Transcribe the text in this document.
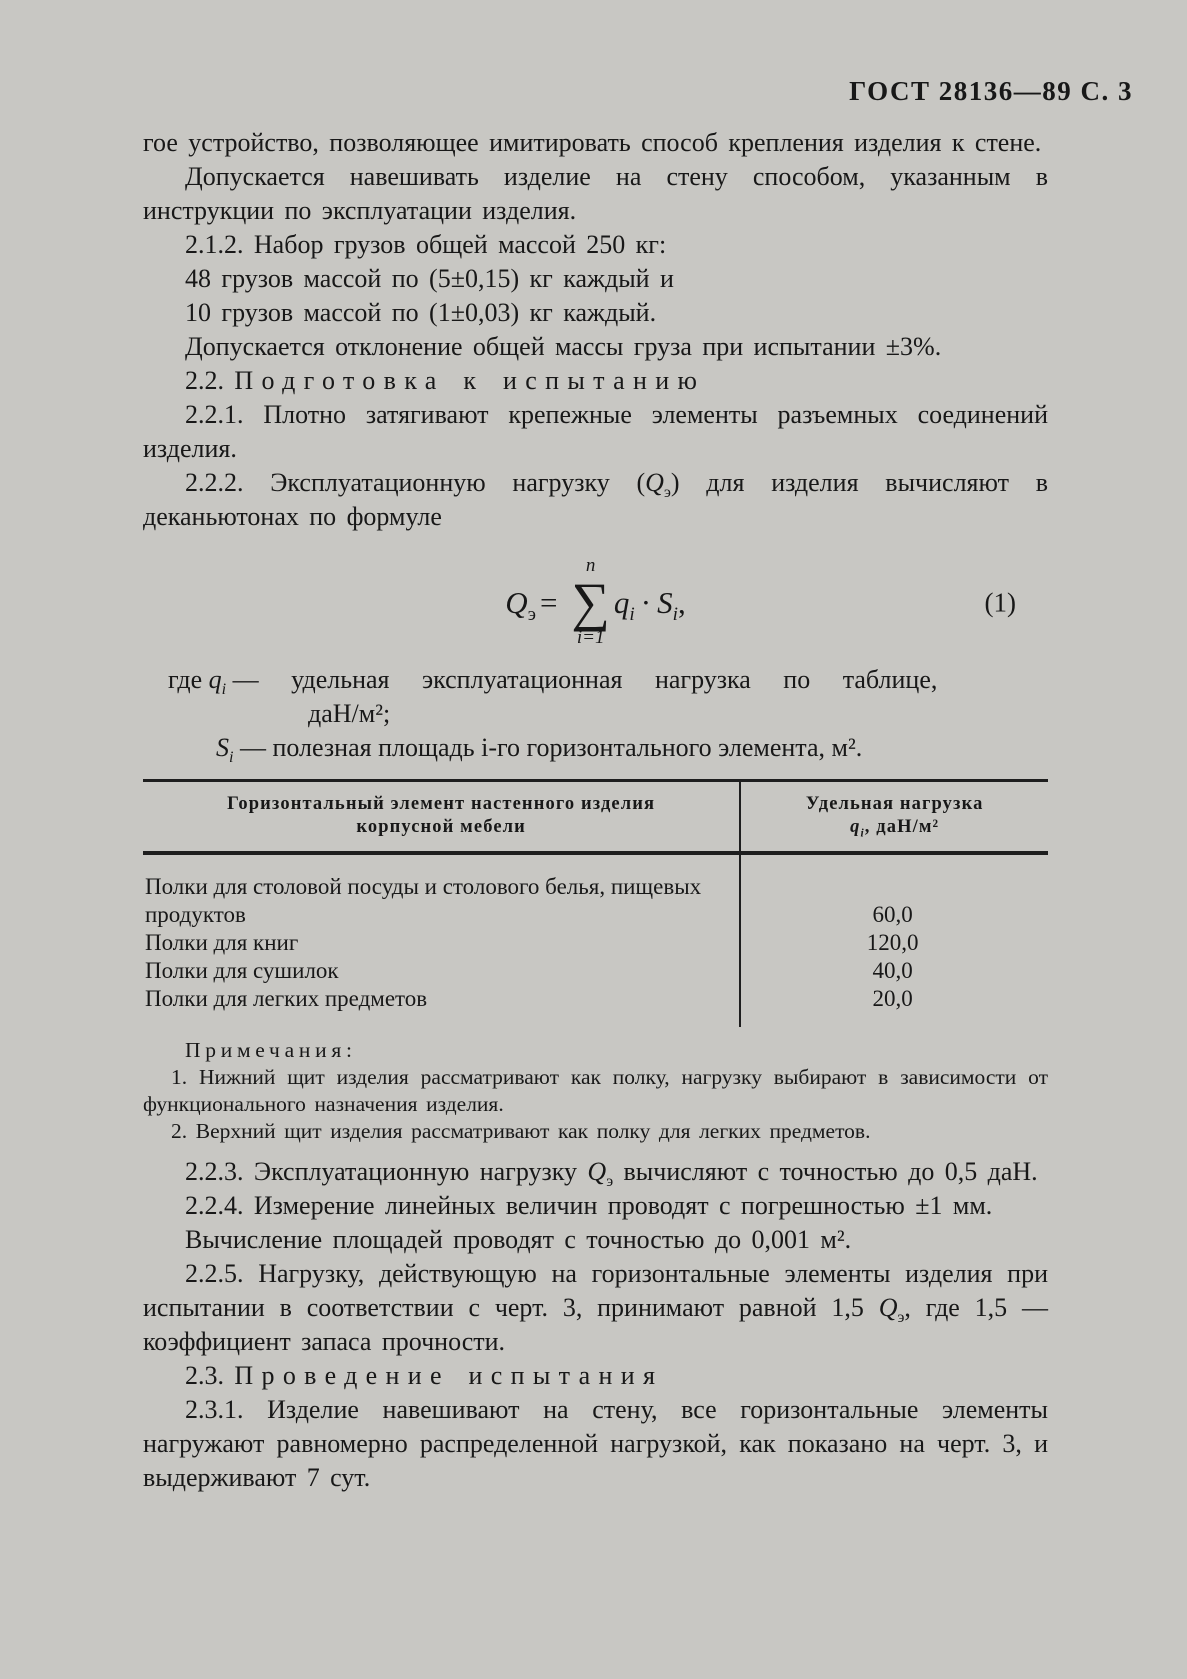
ГОСТ 28136—89 С. 3

гое устройство, позволяющее имитировать способ крепления изделия к стене.

Допускается навешивать изделие на стену способом, указанным в инструкции по эксплуатации изделия.

2.1.2. Набор грузов общей массой 250 кг:

48 грузов массой по (5±0,15) кг каждый и

10 грузов массой по (1±0,03) кг каждый.

Допускается отклонение общей массы груза при испытании ±3%.

2.2. Подготовка к испытанию

2.2.1. Плотно затягивают крепежные элементы разъемных соединений изделия.

2.2.2. Эксплуатационную нагрузку $(Q_э)$ для изделия вычисляют в деканьютонах по формуле

$Q_э$ =
n
∑
i=1
$q_i \cdot S_i$,	(1)
где $q_i$ — удельная эксплуатационная нагрузка по таблице,
даН/м²;
$S_i$ — полезная площадь i-го горизонтального элемента, м².
Горизонтальный элемент настенного изделия корпусной мебели	Удельная нагрузка
$q_i$, даН/м²
Полки для столовой посуды и столового белья, пищевых продуктов	60,0
Полки для книг	120,0
Полки для сушилок	40,0
Полки для легких предметов	20,0

Примечания:

1. Нижний щит изделия рассматривают как полку, нагрузку выбирают в зависимости от функционального назначения изделия.

2. Верхний щит изделия рассматривают как полку для легких предметов.

2.2.3. Эксплуатационную нагрузку $Q_э$ вычисляют с точностью до 0,5 даН.

2.2.4. Измерение линейных величин проводят с погрешностью ±1 мм.

Вычисление площадей проводят с точностью до 0,001 м².

2.2.5. Нагрузку, действующую на горизонтальные элементы изделия при испытании в соответствии с черт. 3, принимают равной 1,5 $Q_э$, где 1,5 — коэффициент запаса прочности.

2.3. Проведение испытания

2.3.1. Изделие навешивают на стену, все горизонтальные элементы нагружают равномерно распределенной нагрузкой, как показано на черт. 3, и выдерживают 7 сут.
